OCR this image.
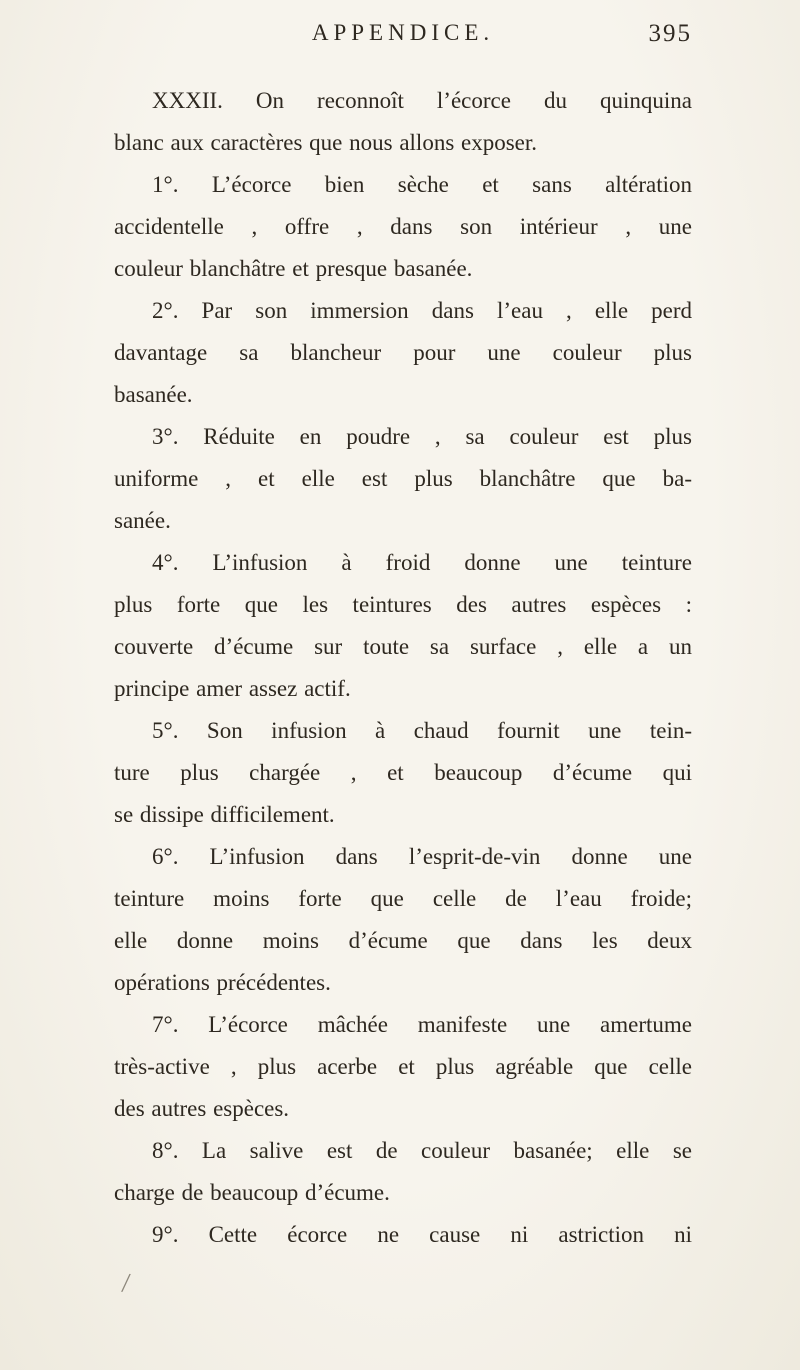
APPENDICE.	395
XXXII. On reconnoît l’écorce du quinquina
blanc aux caractères que nous allons exposer.
1°. L’écorce bien sèche et sans altération
accidentelle , offre , dans son intérieur , une
couleur blanchâtre et presque basanée.
2°. Par son immersion dans l’eau , elle perd
davantage sa blancheur pour une couleur plus
basanée.
3°. Réduite en poudre , sa couleur est plus
uniforme , et elle est plus blanchâtre que ba-
sanée.
4°. L’infusion à froid donne une teinture
plus forte que les teintures des autres espèces :
couverte d’écume sur toute sa surface , elle a un
principe amer assez actif.
5°. Son infusion à chaud fournit une tein-
ture plus chargée , et beaucoup d’écume qui
se dissipe difficilement.
6°. L’infusion dans l’esprit-de-vin donne une
teinture moins forte que celle de l’eau froide;
elle donne moins d’écume que dans les deux
opérations précédentes.
7°. L’écorce mâchée manifeste une amertume
très-active , plus acerbe et plus agréable que celle
des autres espèces.
8°. La salive est de couleur basanée; elle se
charge de beaucoup d’écume.
9°. Cette écorce ne cause ni astriction ni
/
